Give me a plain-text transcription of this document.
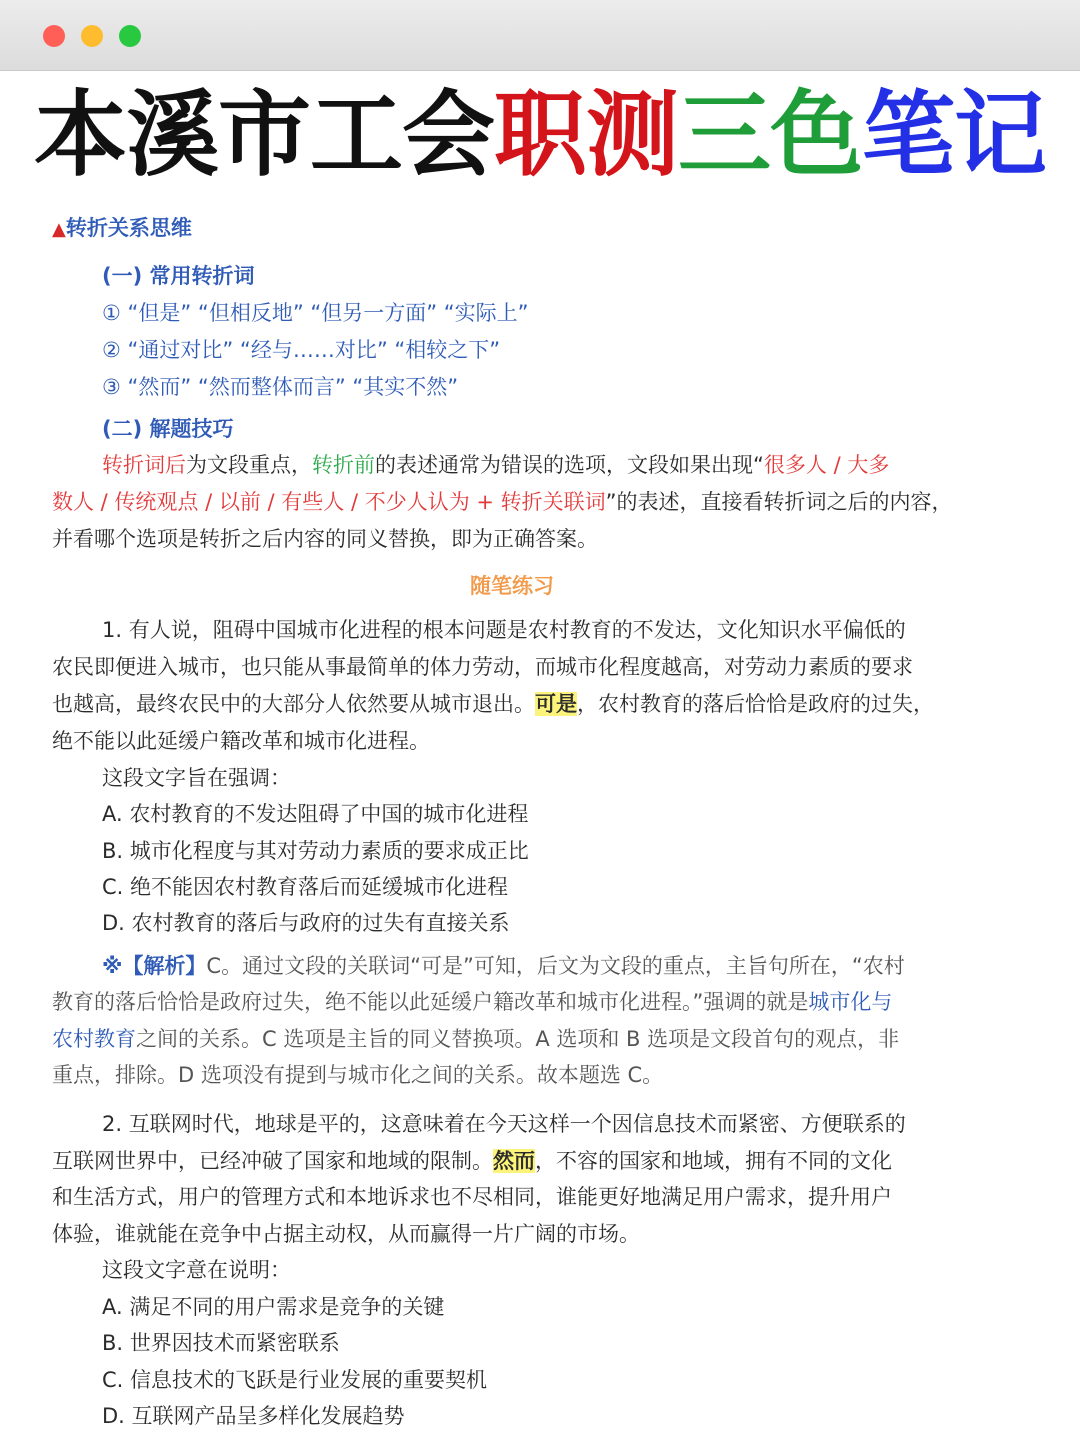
本溪市工会职测三色笔记
▲转折关系思维
(一) 常用转折词
① “但是” “但相反地” “但另一方面” “实际上”
② “通过对比” “经与……对比” “相较之下”
③ “然而” “然而整体而言” “其实不然”
(二) 解题技巧
转折词后为文段重点，转折前的表述通常为错误的选项，文段如果出现“很多人 / 大多
数人 / 传统观点 / 以前 / 有些人 / 不少人认为 + 转折关联词”的表述，直接看转折词之后的内容，
并看哪个选项是转折之后内容的同义替换，即为正确答案。
随笔练习
1. 有人说，阻碍中国城市化进程的根本问题是农村教育的不发达，文化知识水平偏低的
农民即便进入城市，也只能从事最简单的体力劳动，而城市化程度越高，对劳动力素质的要求
也越高，最终农民中的大部分人依然要从城市退出。可是，农村教育的落后恰恰是政府的过失，
绝不能以此延缓户籍改革和城市化进程。
这段文字旨在强调：
A. 农村教育的不发达阻碍了中国的城市化进程
B. 城市化程度与其对劳动力素质的要求成正比
C. 绝不能因农村教育落后而延缓城市化进程
D. 农村教育的落后与政府的过失有直接关系
※【解析】C。通过文段的关联词“可是”可知，后文为文段的重点，主旨句所在，“农村
教育的落后恰恰是政府过失，绝不能以此延缓户籍改革和城市化进程。”强调的就是城市化与
农村教育之间的关系。C 选项是主旨的同义替换项。A 选项和 B 选项是文段首句的观点，非
重点，排除。D 选项没有提到与城市化之间的关系。故本题选 C。
2. 互联网时代，地球是平的，这意味着在今天这样一个因信息技术而紧密、方便联系的
互联网世界中，已经冲破了国家和地域的限制。然而，不容的国家和地域，拥有不同的文化
和生活方式，用户的管理方式和本地诉求也不尽相同，谁能更好地满足用户需求，提升用户
体验，谁就能在竞争中占据主动权，从而赢得一片广阔的市场。
这段文字意在说明：
A. 满足不同的用户需求是竞争的关键
B. 世界因技术而紧密联系
C. 信息技术的飞跃是行业发展的重要契机
D. 互联网产品呈多样化发展趋势
